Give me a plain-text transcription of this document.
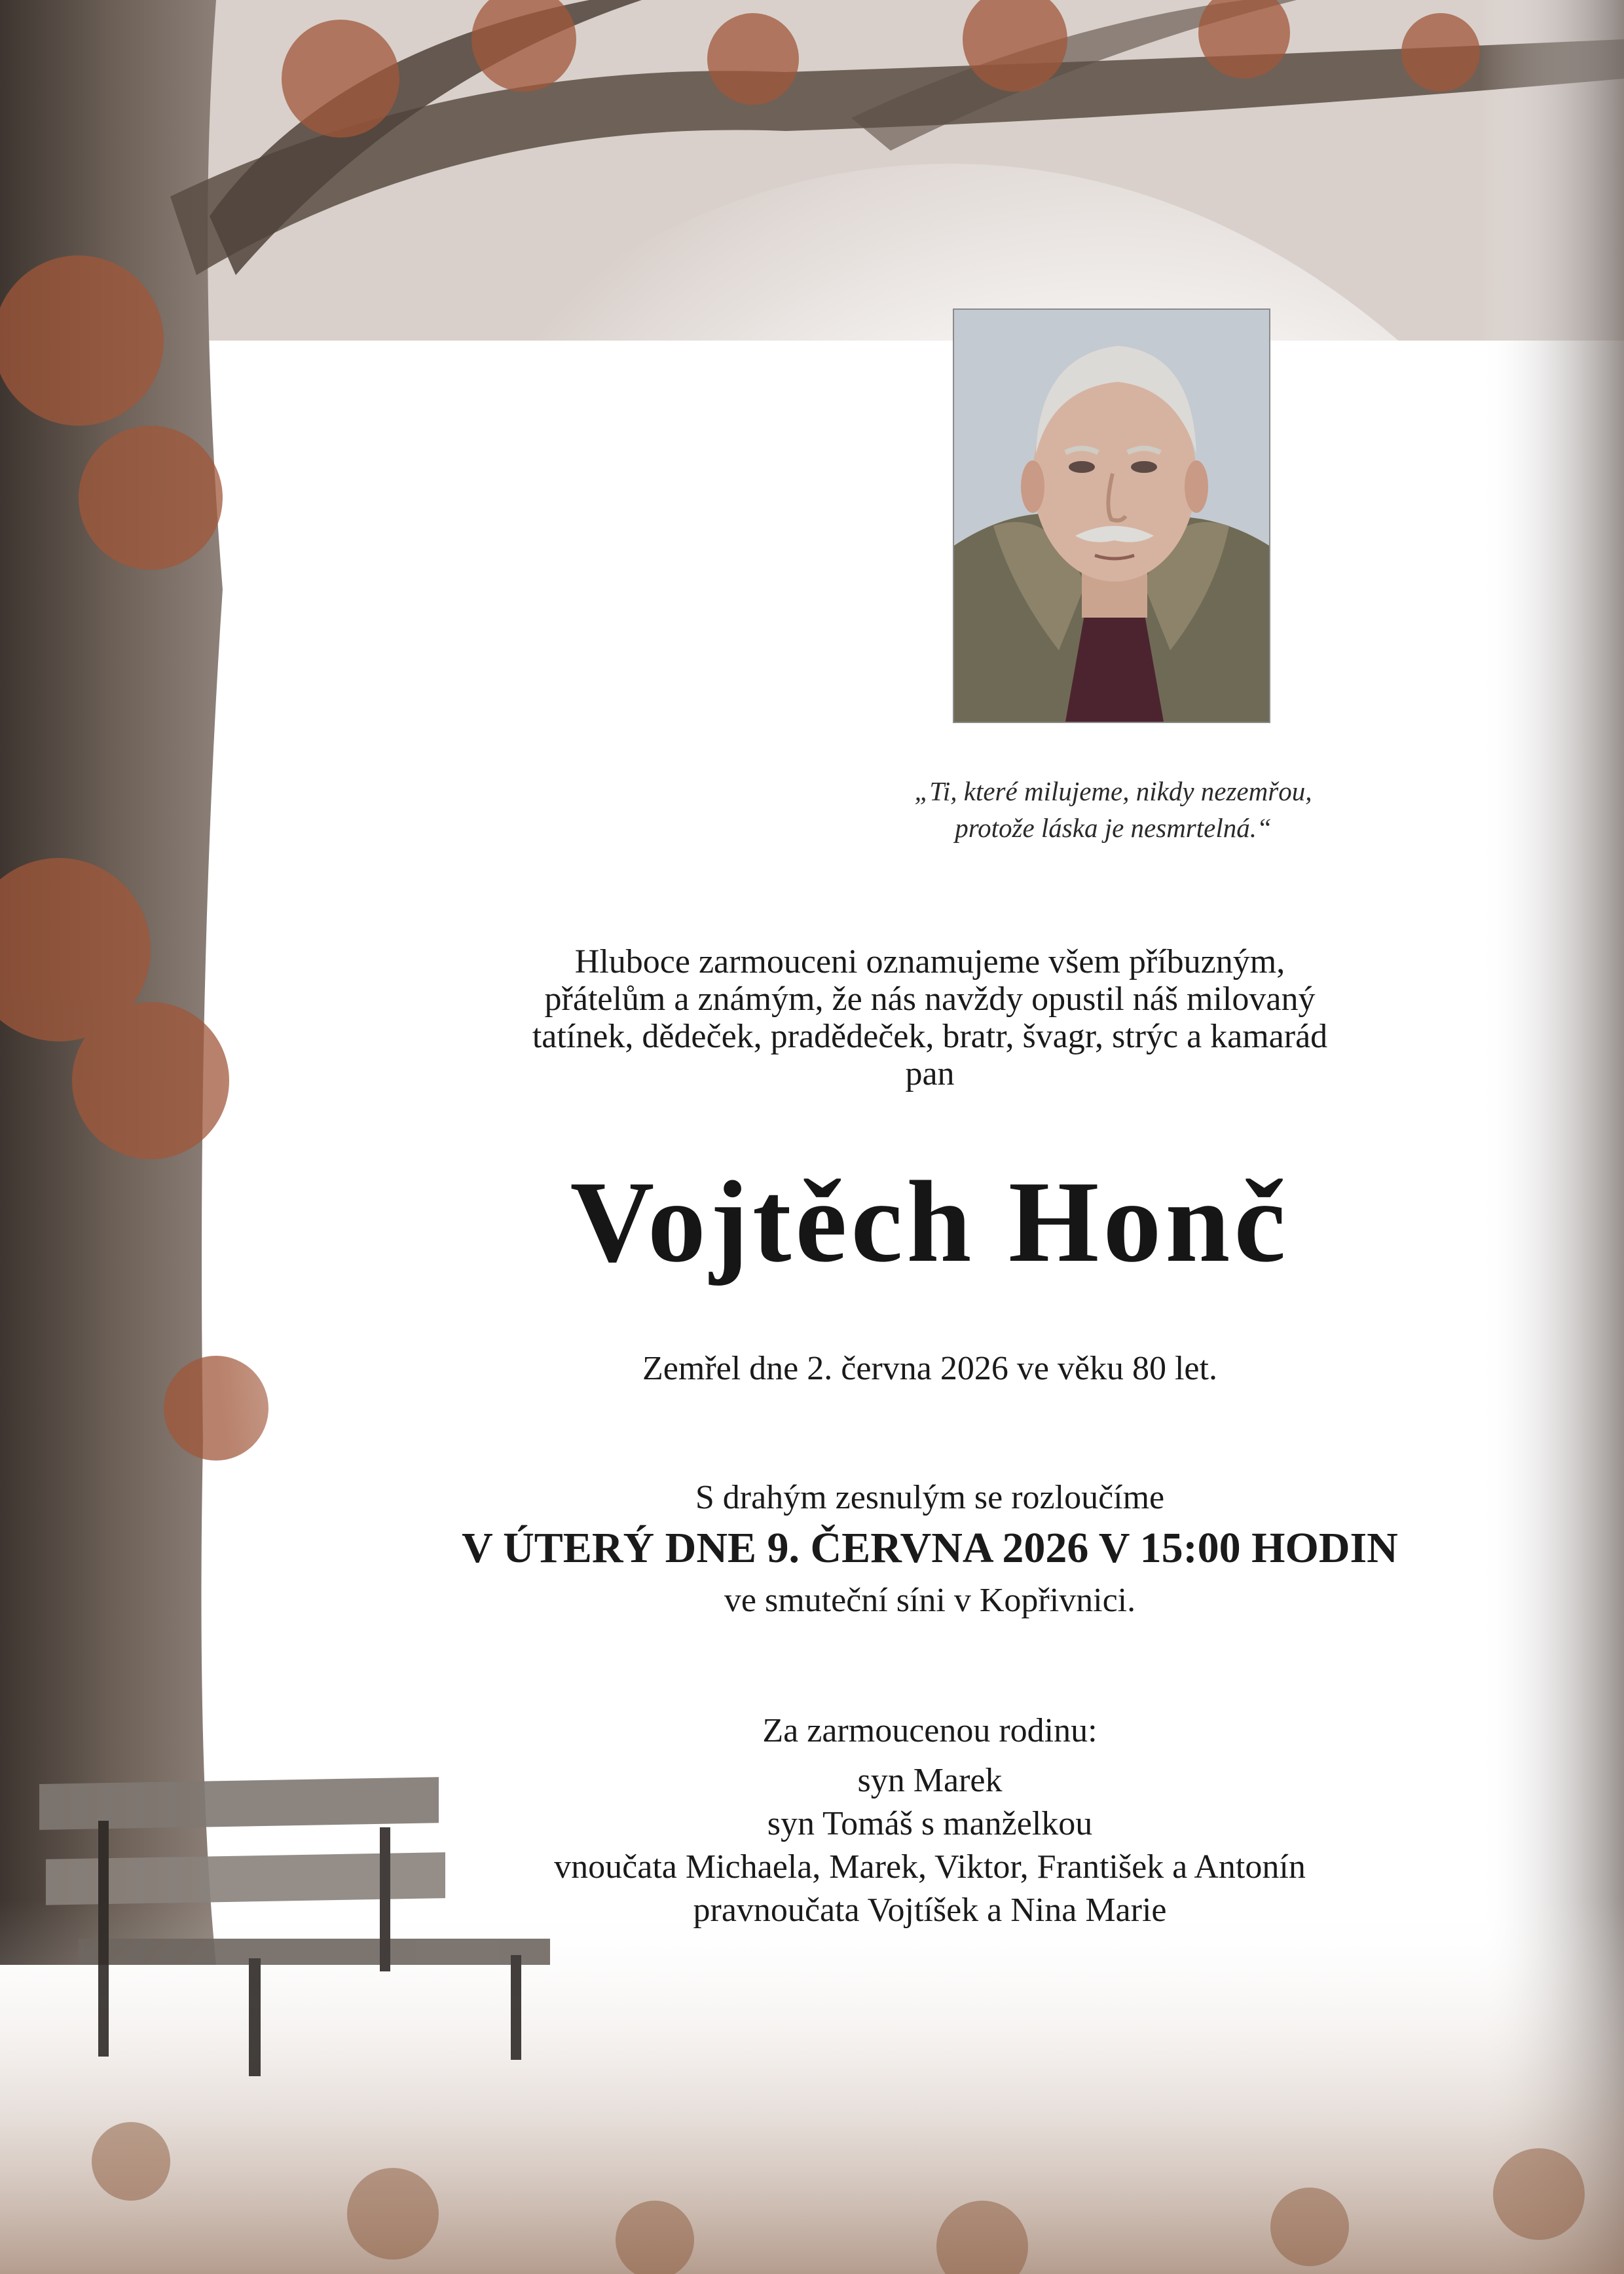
„Ti, které milujeme, nikdy nezemřou,
protože láska je nesmrtelná.“
Hluboce zarmouceni oznamujeme všem příbuzným,
přátelům a známým, že nás navždy opustil náš milovaný
tatínek, dědeček, pradědeček, bratr, švagr, strýc a kamarád
pan
Vojtěch Honč
Zemřel dne 2. června 2026 ve věku 80 let.
S drahým zesnulým se rozloučíme
V ÚTERÝ DNE 9. ČERVNA 2026 V 15:00 HODIN
ve smuteční síni v Kopřivnici.
Za zarmoucenou rodinu:
syn Marek
syn Tomáš s manželkou
vnoučata Michaela, Marek, Viktor, František a Antonín
pravnoučata Vojtíšek a Nina Marie
